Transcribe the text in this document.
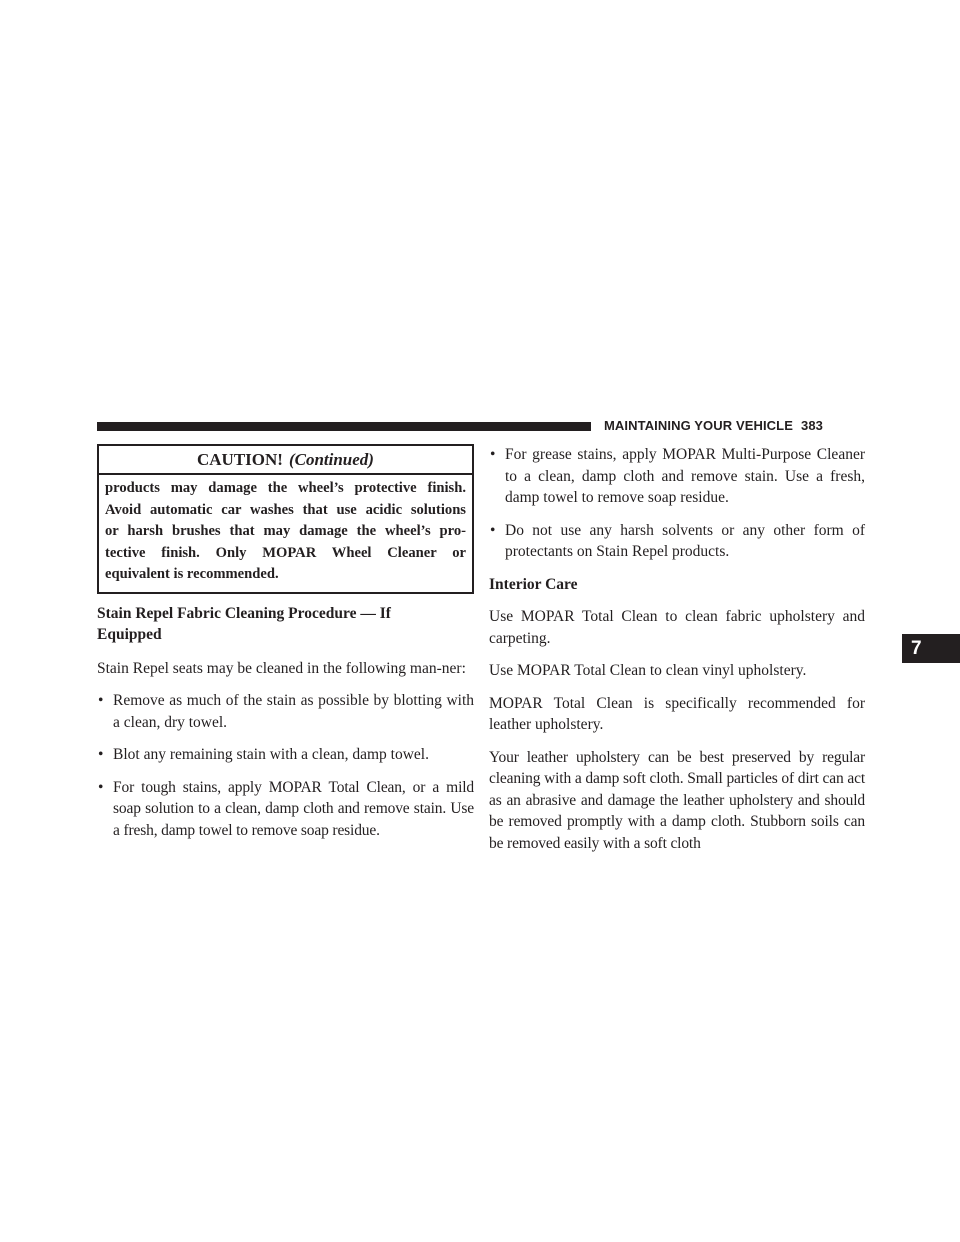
MAINTAINING YOUR VEHICLE 383
7
CAUTION! (Continued)
products may damage the wheel’s protective finish.
Avoid automatic car washes that use acidic solutions
or harsh brushes that may damage the wheel’s pro-
tective finish. Only MOPAR Wheel Cleaner or
equivalent is recommended.
Stain Repel Fabric Cleaning Procedure — If Equipped

Stain Repel seats may be cleaned in the following man-ner:

• Remove as much of the stain as possible by blotting with a clean, dry towel.
• Blot any remaining stain with a clean, damp towel.
• For tough stains, apply MOPAR Total Clean, or a mild soap solution to a clean, damp cloth and remove stain. Use a fresh, damp towel to remove soap residue.
• For grease stains, apply MOPAR Multi-Purpose Cleaner to a clean, damp cloth and remove stain. Use a fresh, damp towel to remove soap residue.
• Do not use any harsh solvents or any other form of protectants on Stain Repel products.
Interior Care

Use MOPAR Total Clean to clean fabric upholstery and carpeting.

Use MOPAR Total Clean to clean vinyl upholstery.

MOPAR Total Clean is specifically recommended for leather upholstery.

Your leather upholstery can be best preserved by regular cleaning with a damp soft cloth. Small particles of dirt can act as an abrasive and damage the leather upholstery and should be removed promptly with a damp cloth. Stubborn soils can be removed easily with a soft cloth
